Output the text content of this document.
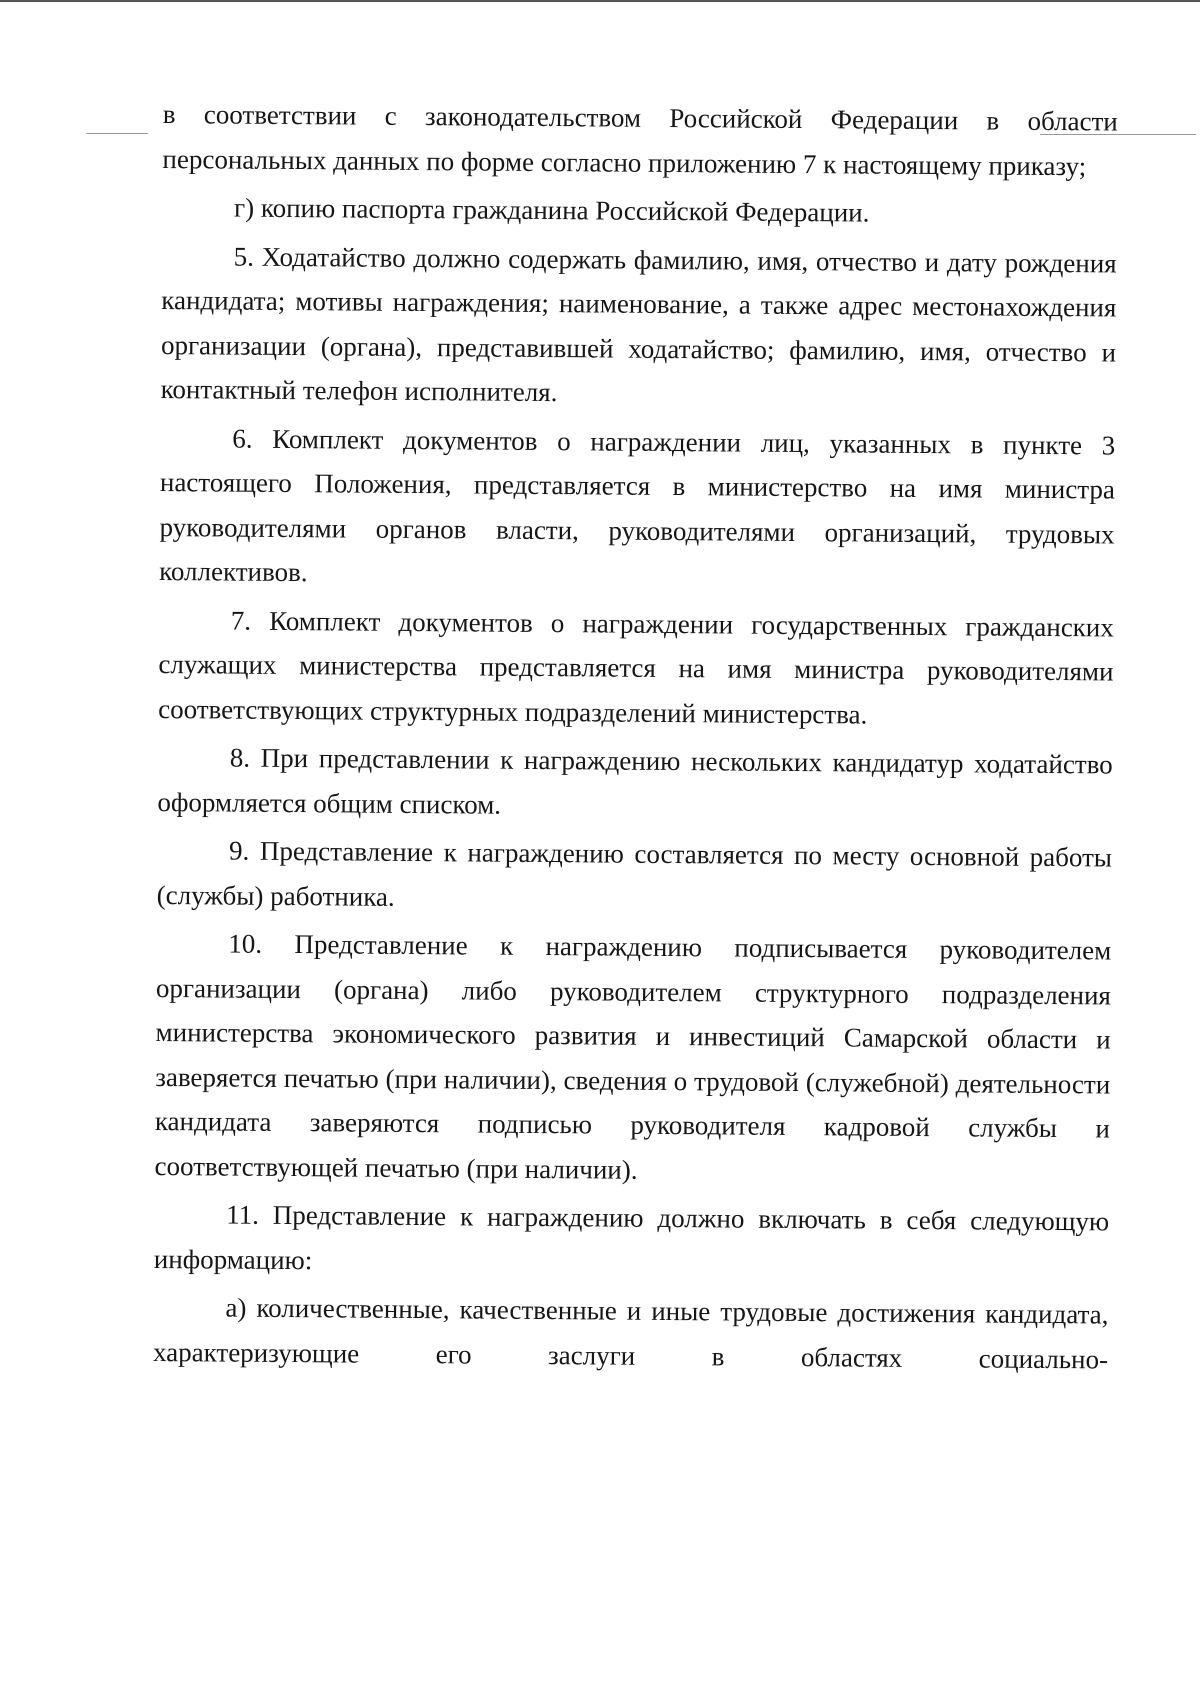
в соответствии с законодательством Российской Федерации в области персональных данных по форме согласно приложению 7 к настоящему приказу;

г) копию паспорта гражданина Российской Федерации.

5. Ходатайство должно содержать фамилию, имя, отчество и дату рождения кандидата; мотивы награждения; наименование, а также адрес местонахождения организации (органа), представившей ходатайство; фамилию, имя, отчество и контактный телефон исполнителя.

6. Комплект документов о награждении лиц, указанных в пункте 3 настоящего Положения, представляется в министерство на имя министра руководителями органов власти, руководителями организаций, трудовых коллективов.

7. Комплект документов о награждении государственных гражданских служащих министерства представляется на имя министра руководителями соответствующих структурных подразделений министерства.

8. При представлении к награждению нескольких кандидатур ходатайство оформляется общим списком.

9. Представление к награждению составляется по месту основной работы (службы) работника.

10. Представление к награждению подписывается руководителем организации (органа) либо руководителем структурного подразделения министерства экономического развития и инвестиций Самарской области и заверяется печатью (при наличии), сведения о трудовой (служебной) деятельности кандидата заверяются подписью руководителя кадровой службы и соответствующей печатью (при наличии).

11. Представление к награждению должно включать в себя следующую информацию:

а) количественные, качественные и иные трудовые достижения кандидата, характеризующие его заслуги в областях социально-
